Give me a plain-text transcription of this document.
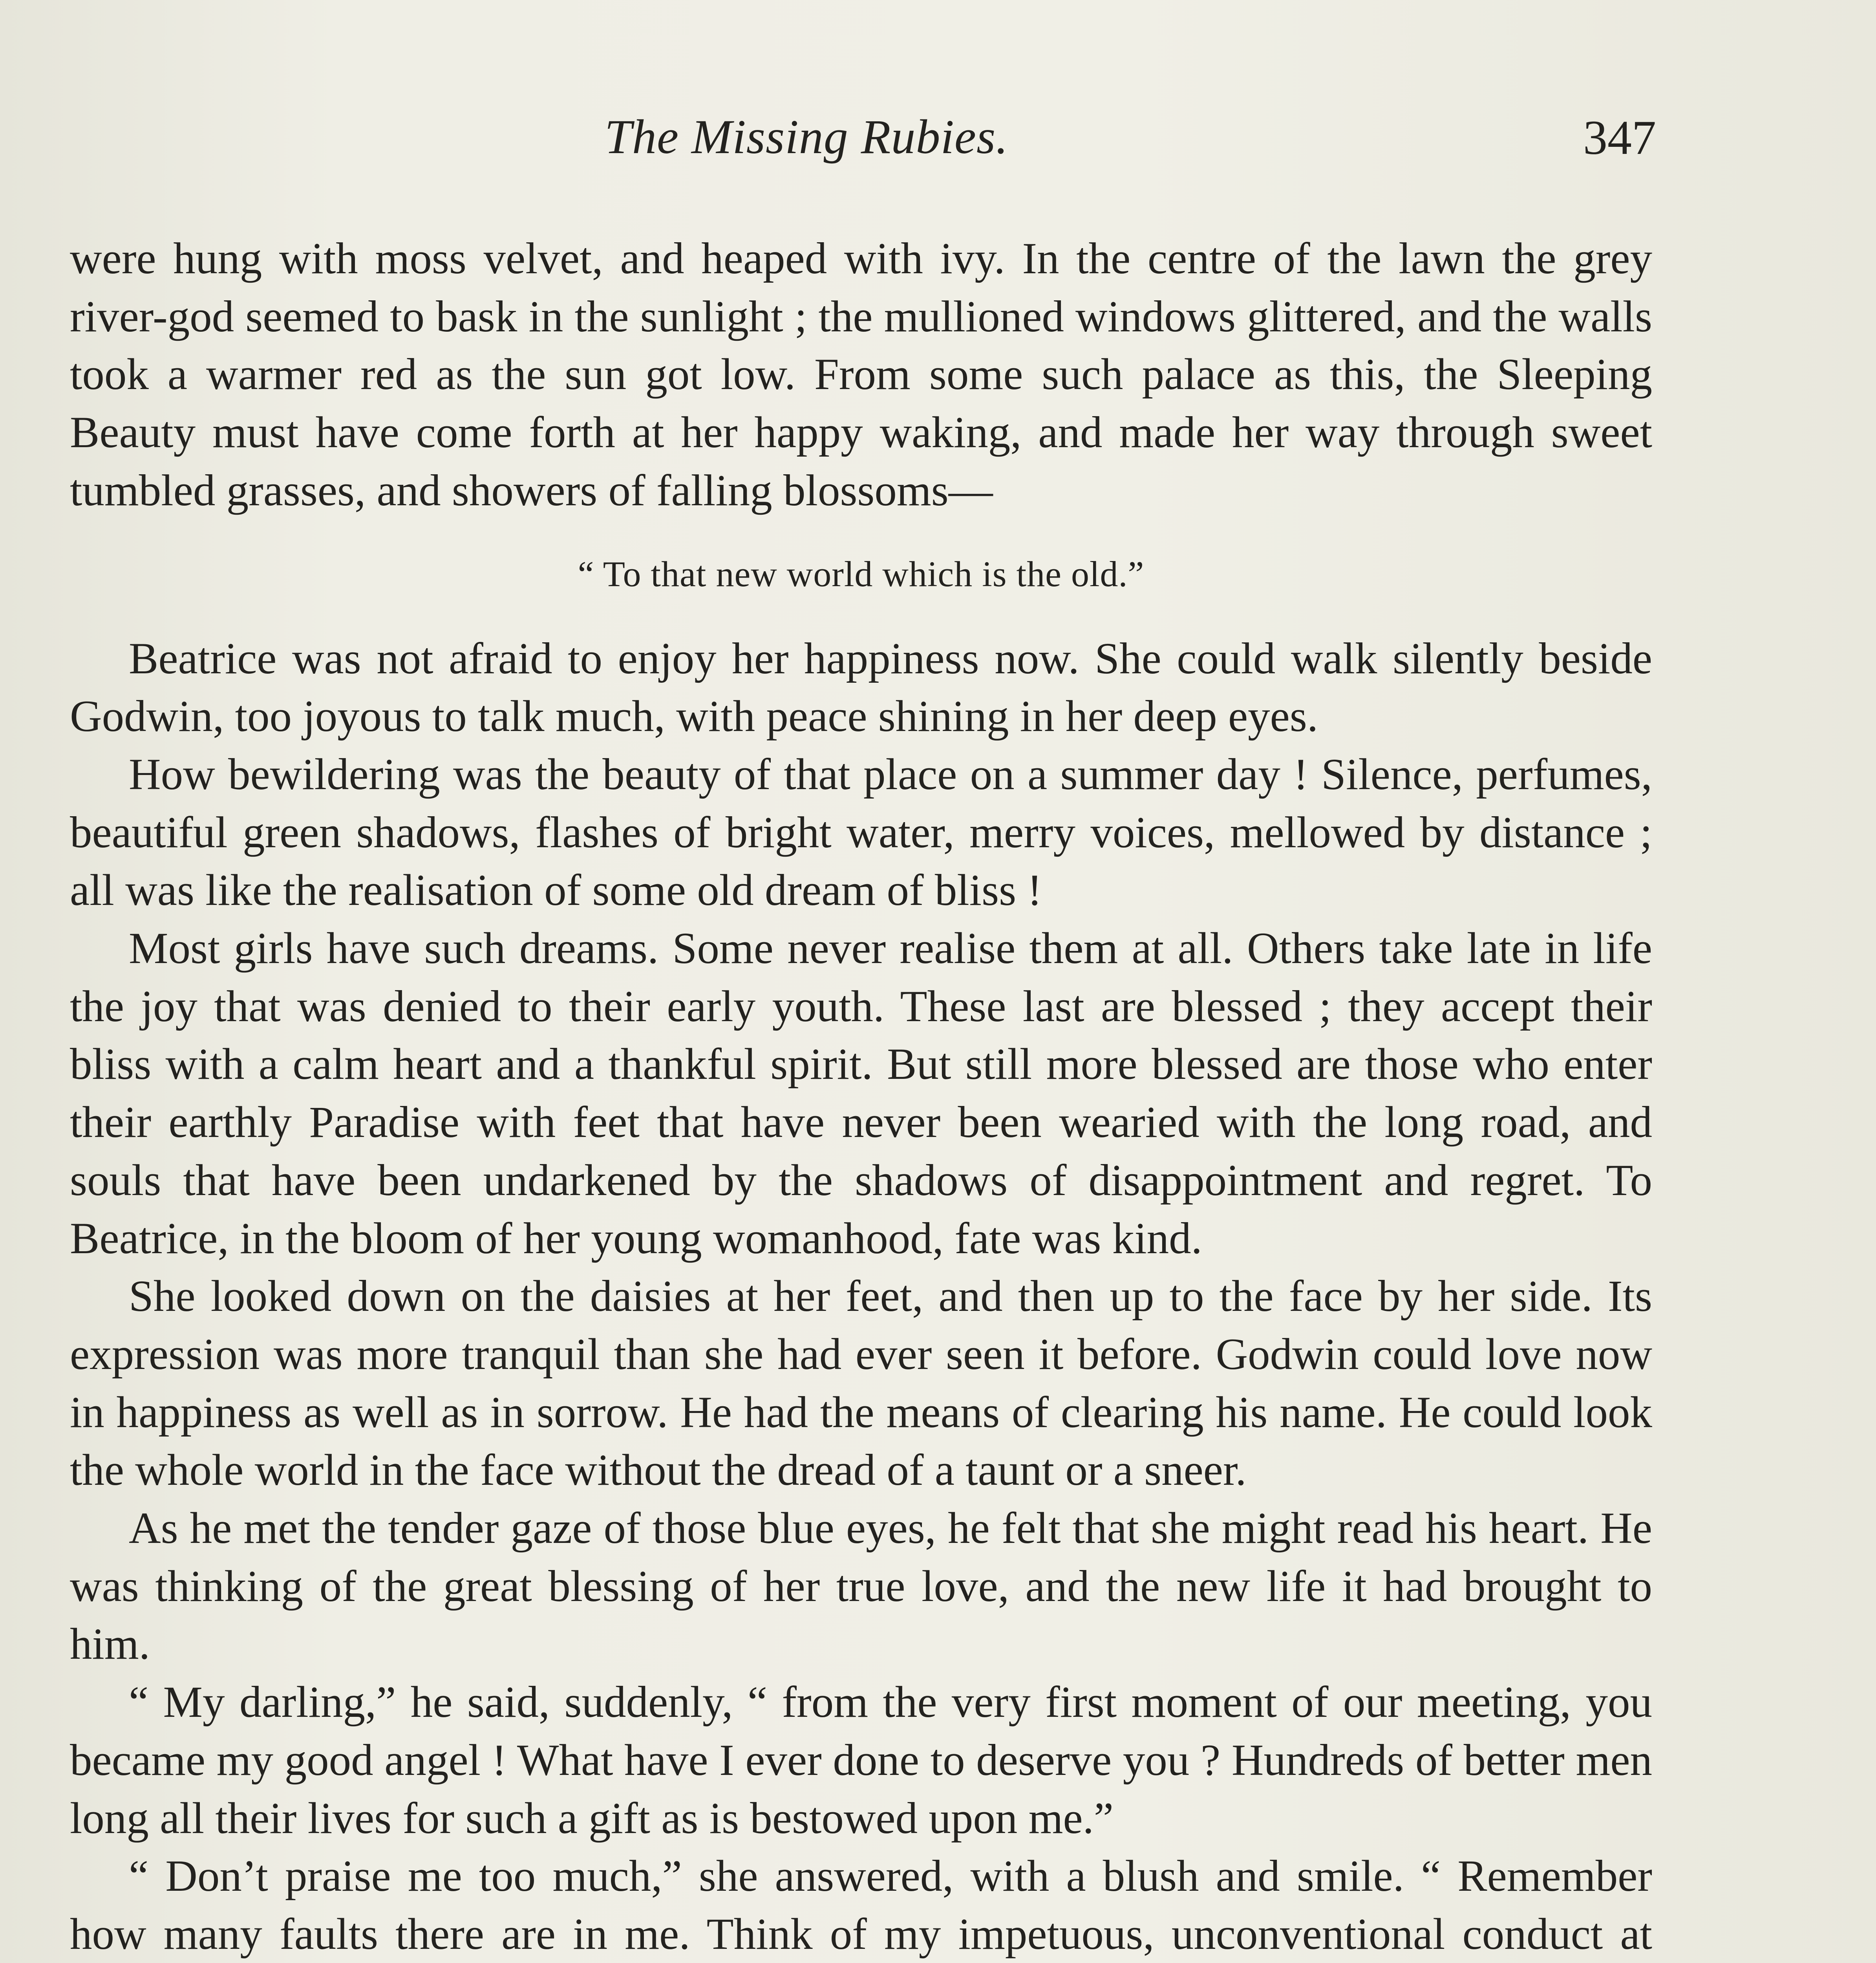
The Missing Rubies.	347

were hung with moss velvet, and heaped with ivy. In the centre of the lawn the grey river-god seemed to bask in the sunlight ; the mullioned windows glittered, and the walls took a warmer red as the sun got low. From some such palace as this, the Sleeping Beauty must have come forth at her happy waking, and made her way through sweet tumbled grasses, and showers of falling blossoms—

“ To that new world which is the old.”

Beatrice was not afraid to enjoy her happiness now. She could walk silently beside Godwin, too joyous to talk much, with peace shining in her deep eyes.

How bewildering was the beauty of that place on a summer day ! Silence, perfumes, beautiful green shadows, flashes of bright water, merry voices, mellowed by distance ; all was like the realisation of some old dream of bliss !

Most girls have such dreams. Some never realise them at all. Others take late in life the joy that was denied to their early youth. These last are blessed ; they accept their bliss with a calm heart and a thankful spirit. But still more blessed are those who enter their earthly Paradise with feet that have never been wearied with the long road, and souls that have been undarkened by the shadows of disappointment and regret. To Beatrice, in the bloom of her young womanhood, fate was kind.

She looked down on the daisies at her feet, and then up to the face by her side. Its expression was more tranquil than she had ever seen it before. Godwin could love now in happiness as well as in sorrow. He had the means of clearing his name. He could look the whole world in the face without the dread of a taunt or a sneer.

As he met the tender gaze of those blue eyes, he felt that she might read his heart. He was thinking of the great blessing of her true love, and the new life it had brought to him.

“ My darling,” he said, suddenly, “ from the very first moment of our meeting, you became my good angel ! What have I ever done to deserve you ? Hundreds of better men long all their lives for such a gift as is bestowed upon me.”

“ Don’t praise me too much,” she answered, with a blush and smile. “ Remember how many faults there are in me. Think of my impetuous, unconventional conduct at
